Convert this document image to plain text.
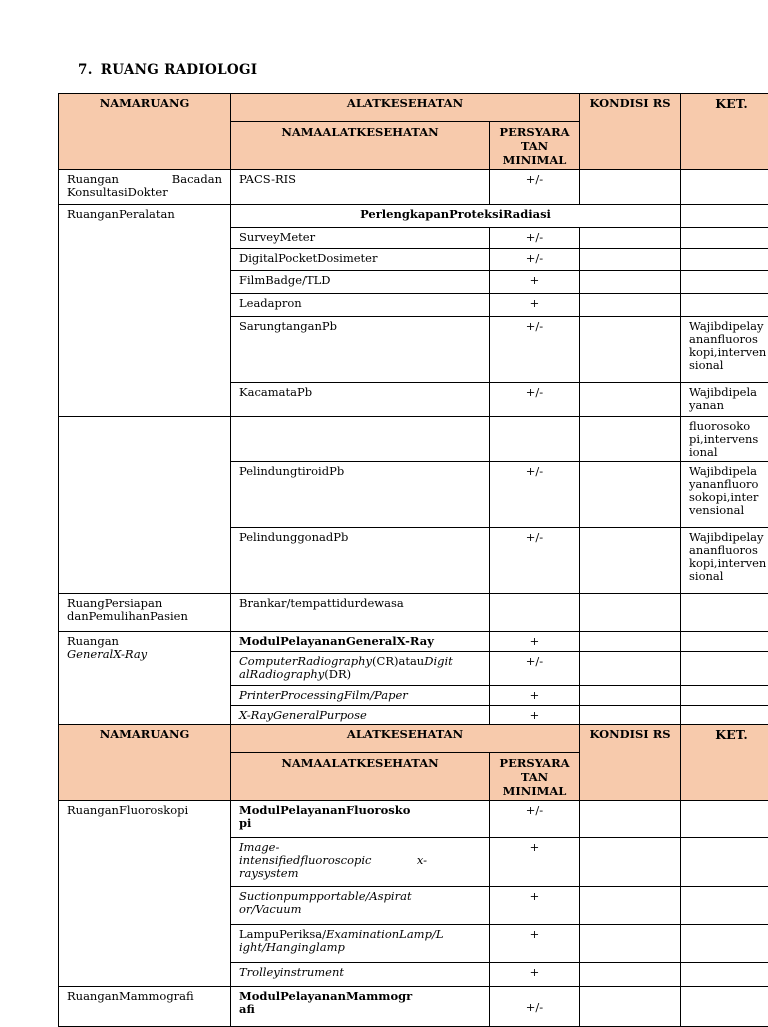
7. RUANG RADIOLOGI
NAMARUANG	ALATKESEHATAN		KONDISI RS	KET.
	NAMAALATKESEHATAN	PERSYARA
TAN
MINIMAL		

Ruangan Bacadan
KonsultasiDokter	PACS-RIS	+/-		
RuanganPeralatan	PerlengkapanProteksiRadiasi			
	SurveyMeter	+/-		
	DigitalPocketDosimeter	+/-		
	FilmBadge/TLD	+		
	Leadapron	+		
	SarungtanganPb	+/-		Wajibdipelay
ananfluoros
kopi,interven
sional

	KacamataPb	+/-		Wajibdipela
yanan

				fluorosoko
pi,intervens
ional

	PelindungtiroidPb	+/-		Wajibdipela
yananfluoro
sokopi,inter
vensional

	PelindunggonadPb	+/-		Wajibdipelay
ananfluoros
kopi,interven
sional

RuangPersiapan
danPemulihanPasien	Brankar/tempattidurdewasa			

Ruangan
GeneralX-Ray	ModulPelayananGeneralX-Ray	+		
	ComputerRadiography(CR)atauDigit
alRadiography(DR)	+/-		
	PrinterProcessingFilm/Paper	+		
	X-RayGeneralPurpose	+		
NAMARUANG	ALATKESEHATAN		KONDISI RS	KET.
	NAMAALATKESEHATAN	PERSYARA
TAN
MINIMAL		
RuanganFluoroskopi	ModulPelayananFluorosko
pi	+/-		

	Image-
intensifiedfluoroscopic x-
raysystem	+		

	Suctionpumpportable/Aspirat
or/Vacuum	+		

	LampuPeriksa/ExaminationLamp/L
ight/Hanginglamp	+		
	Trolleyinstrument	+		
RuanganMammografi	ModulPelayananMammogr
afi	+/-		
